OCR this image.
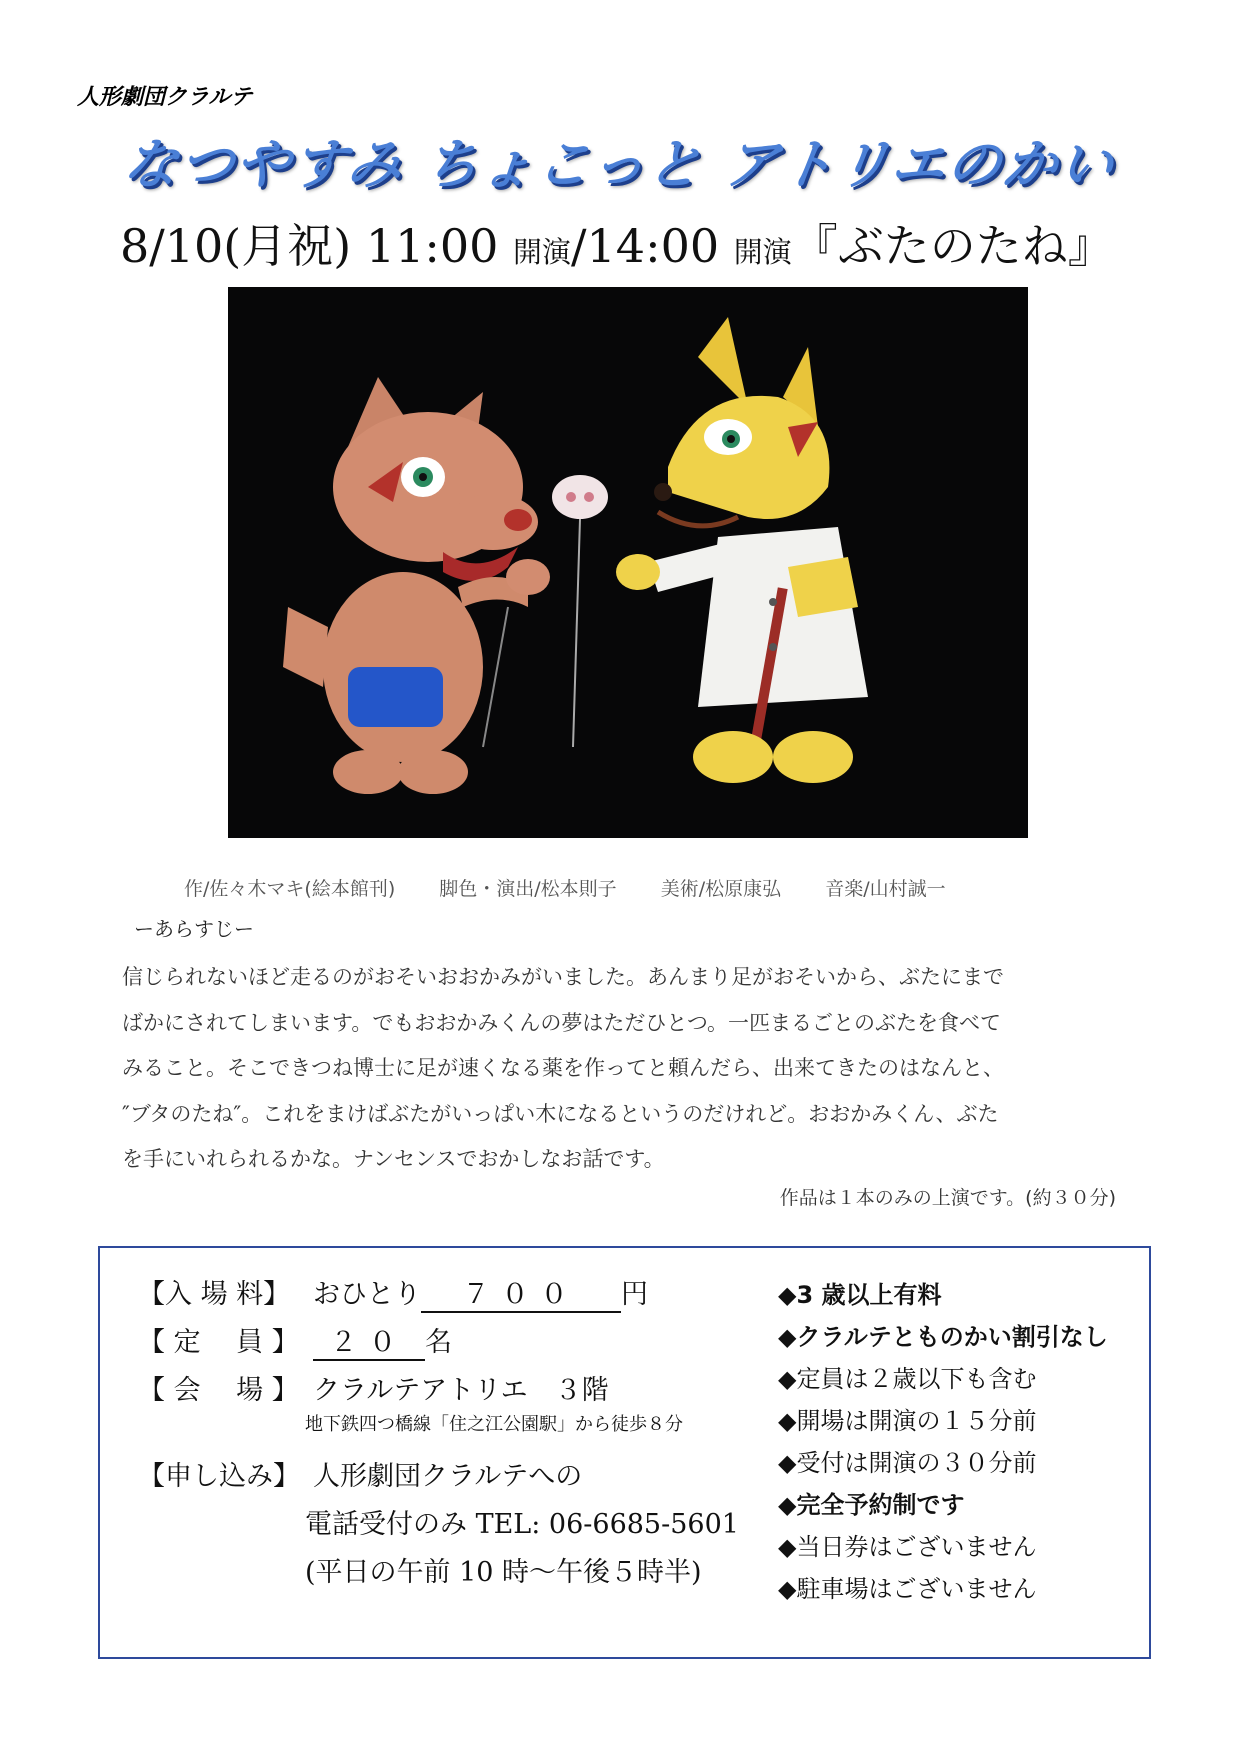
人形劇団クラルテ
なつやすみ ちょこっと アトリエのかい
8/10(月祝) 11:00 開演/14:00 開演『ぶたのたね』
作/佐々木マキ(絵本館刊) 脚色・演出/松本則子 美術/松原康弘 音楽/山村誠一
ーあらすじー
信じられないほど走るのがおそいおおかみがいました。あんまり足がおそいから、ぶたにまで
ばかにされてしまいます。でもおおかみくんの夢はただひとつ。一匹まるごとのぶたを食べて
みること。そこできつね博士に足が速くなる薬を作ってと頼んだら、出来てきたのはなんと、
″ブタのたね″。これをまけばぶたがいっぱい木になるというのだけれど。おおかみくん、ぶた
を手にいれられるかな。ナンセンスでおかしなお話です。
作品は１本のみの上演です。(約３０分)
【入 場 料】 おひとり ７００ 円
【 定　 員 】 ２０ 名
【 会　 場 】 クラルテアトリエ　３階
地下鉄四つ橋線「住之江公園駅」から徒歩８分
【申し込み】 人形劇団クラルテへの
電話受付のみ TEL: 06-6685-5601
(平日の午前 10 時～午後５時半)
◆3 歳以上有料
◆クラルテとものかい割引なし
◆定員は２歳以下も含む
◆開場は開演の１５分前
◆受付は開演の３０分前
◆完全予約制です
◆当日券はございません
◆駐車場はございません
